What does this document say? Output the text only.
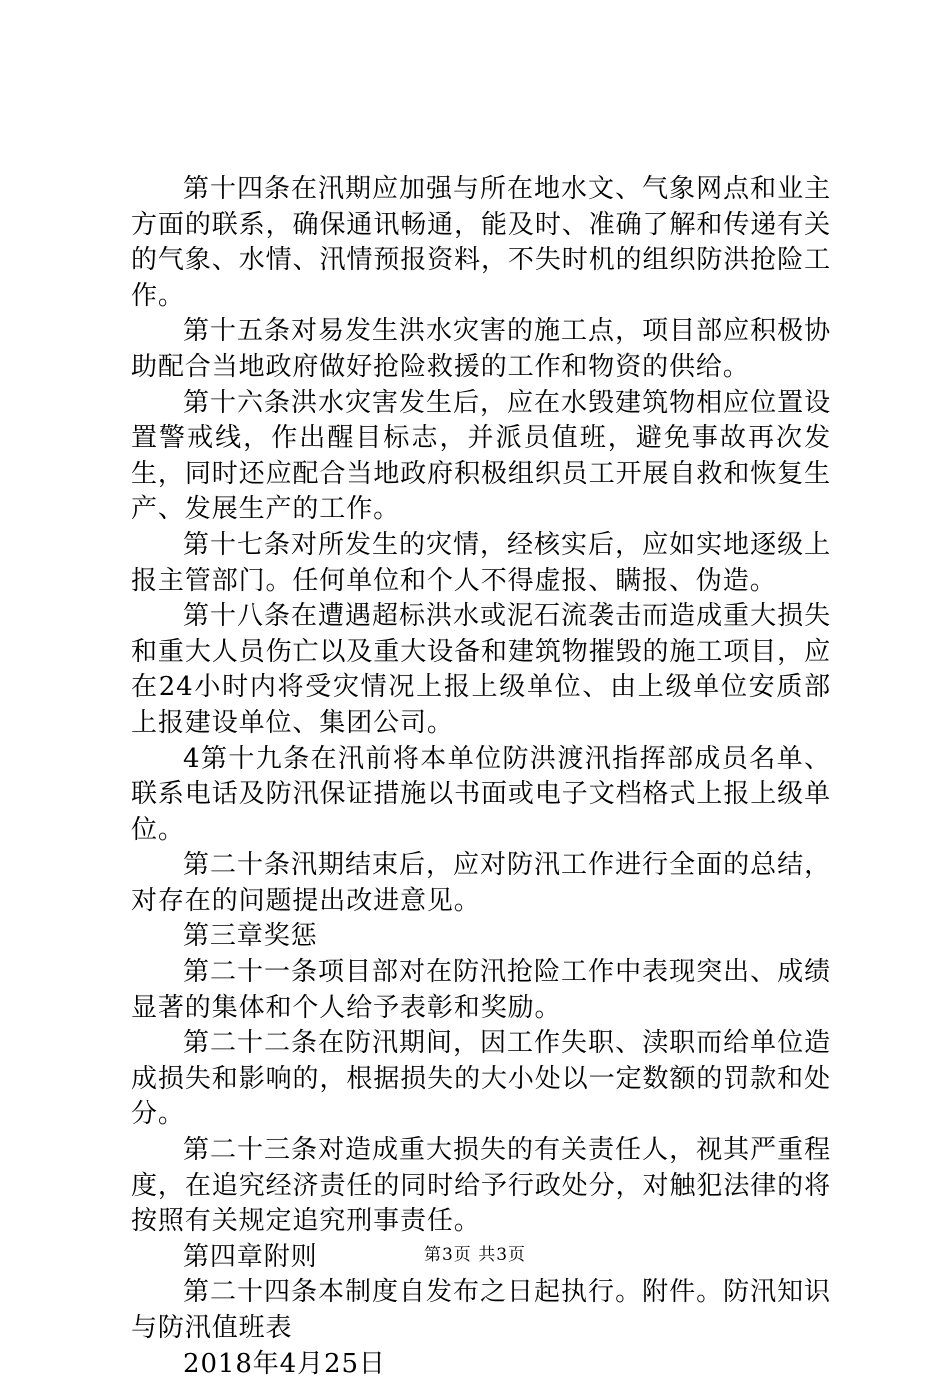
第十四条在汛期应加强与所在地水文、气象网点和业主方面的联系，确保通讯畅通，能及时、准确了解和传递有关的气象、水情、汛情预报资料，不失时机的组织防洪抢险工作。

第十五条对易发生洪水灾害的施工点，项目部应积极协助配合当地政府做好抢险救援的工作和物资的供给。

第十六条洪水灾害发生后，应在水毁建筑物相应位置设置警戒线，作出醒目标志，并派员值班，避免事故再次发生，同时还应配合当地政府积极组织员工开展自救和恢复生产、发展生产的工作。

第十七条对所发生的灾情，经核实后，应如实地逐级上报主管部门。任何单位和个人不得虚报、瞒报、伪造。

第十八条在遭遇超标洪水或泥石流袭击而造成重大损失和重大人员伤亡以及重大设备和建筑物摧毁的施工项目，应在24小时内将受灾情况上报上级单位、由上级单位安质部上报建设单位、集团公司。

4第十九条在汛前将本单位防洪渡汛指挥部成员名单、联系电话及防汛保证措施以书面或电子文档格式上报上级单位。

第二十条汛期结束后，应对防汛工作进行全面的总结，对存在的问题提出改进意见。

第三章奖惩

第二十一条项目部对在防汛抢险工作中表现突出、成绩显著的集体和个人给予表彰和奖励。

第二十二条在防汛期间，因工作失职、渎职而给单位造成损失和影响的，根据损失的大小处以一定数额的罚款和处分。

第二十三条对造成重大损失的有关责任人，视其严重程度，在追究经济责任的同时给予行政处分，对触犯法律的将按照有关规定追究刑事责任。

第四章附则

第二十四条本制度自发布之日起执行。附件。防汛知识与防汛值班表

2018年4月25日

第3页 共3页
